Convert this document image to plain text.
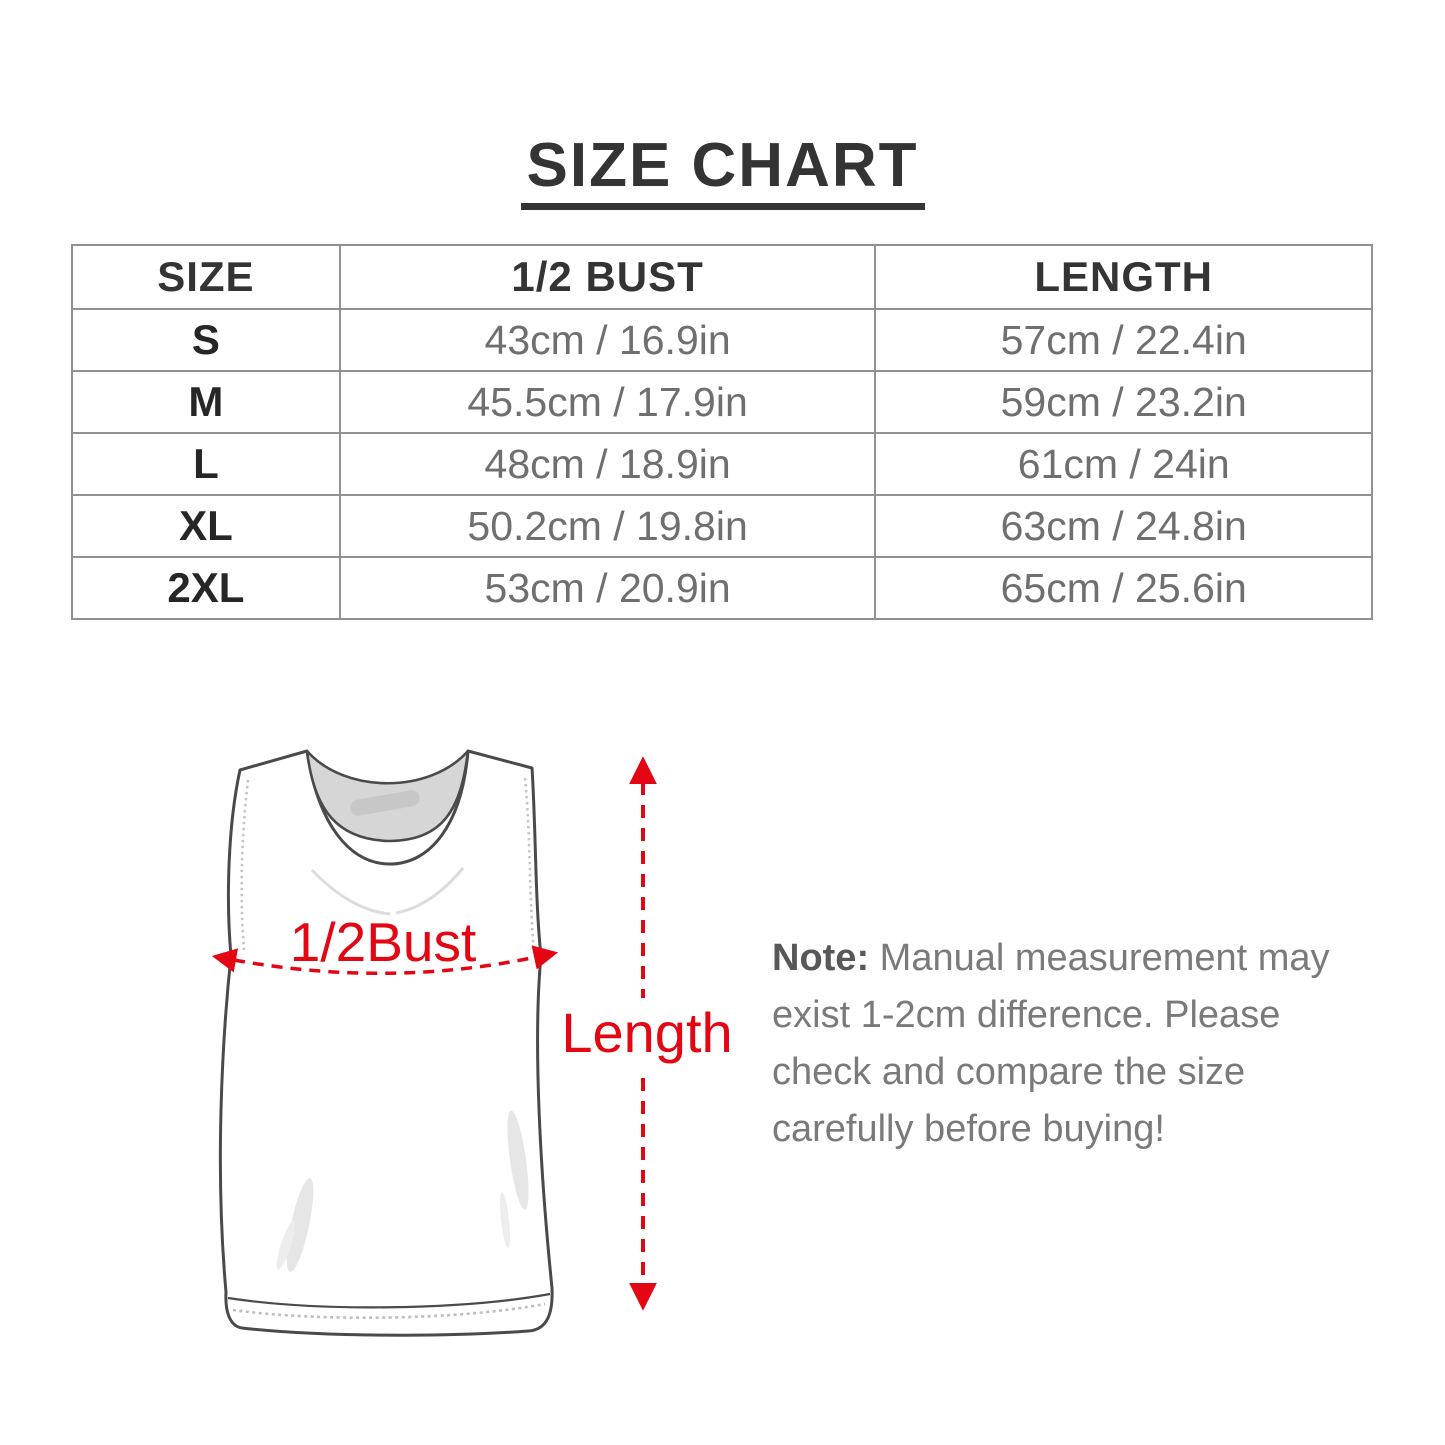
SIZE CHART
SIZE	1/2 BUST	LENGTH
S	43cm / 16.9in	57cm / 22.4in
M	45.5cm / 17.9in	59cm / 23.2in
L	48cm / 18.9in	61cm / 24in
XL	50.2cm / 19.8in	63cm / 24.8in
2XL	53cm / 20.9in	65cm / 25.6in
1/2Bust
Length
Note: Manual measurement may
exist 1-2cm difference. Please
check and compare the size
carefully before buying!
